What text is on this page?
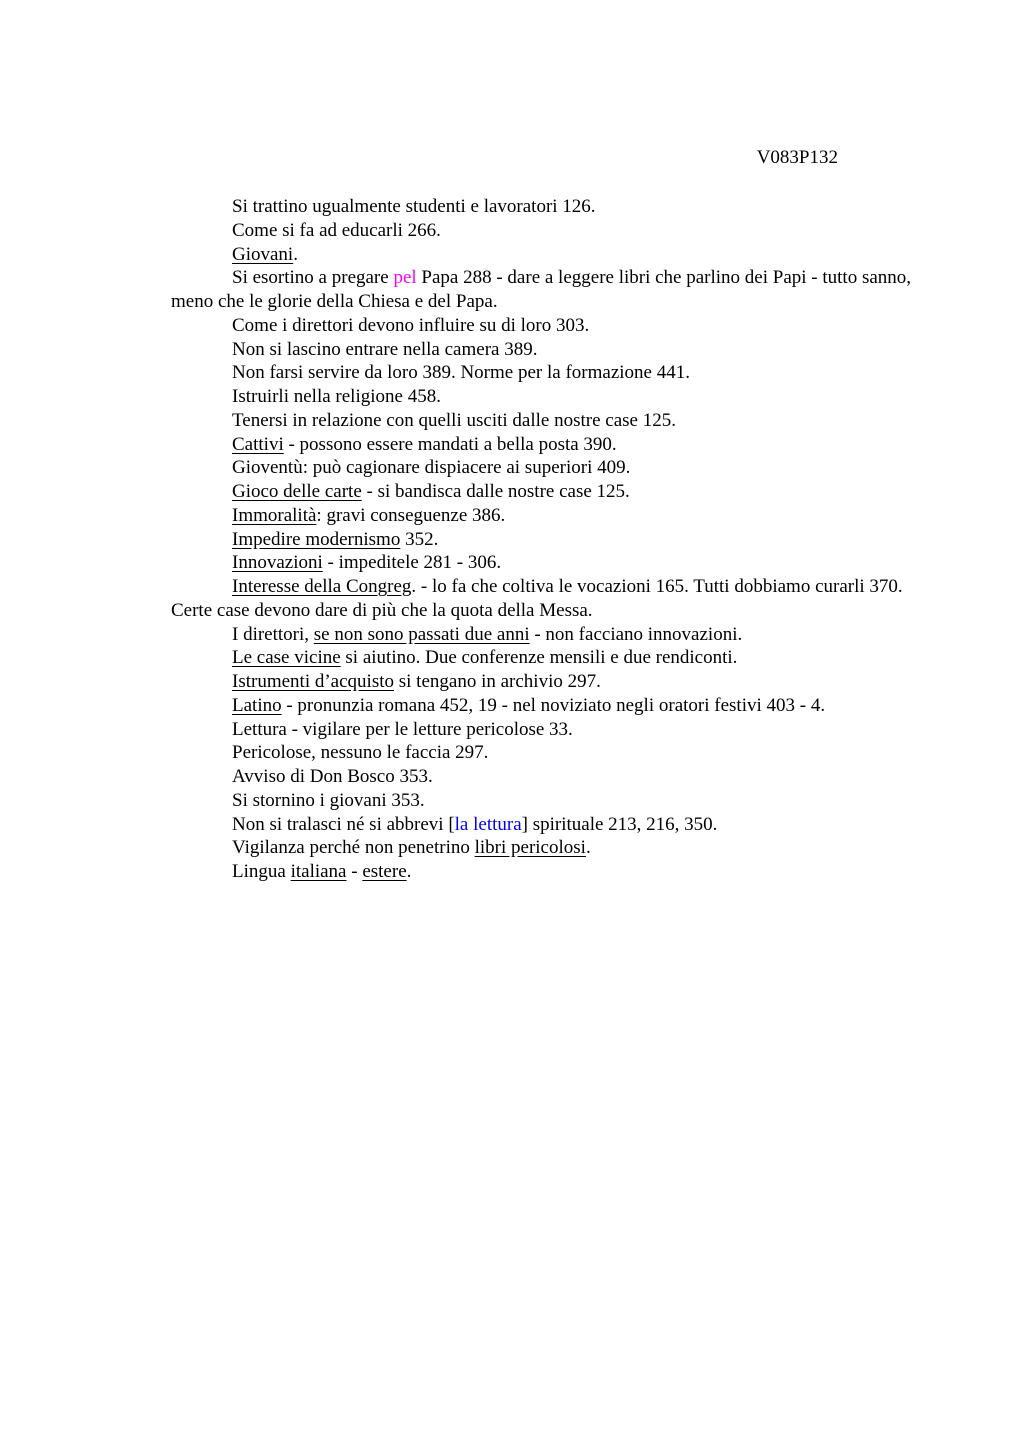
V083P132

Si trattino ugualmente studenti e lavoratori 126.

Come si fa ad educarli 266.

Giovani.

Si esortino a pregare pel Papa 288 - dare a leggere libri che parlino dei Papi - tutto sanno, meno che le glorie della Chiesa e del Papa.

Come i direttori devono influire su di loro 303.

Non si lascino entrare nella camera 389.

Non farsi servire da loro 389. Norme per la formazione 441.

Istruirli nella religione 458.

Tenersi in relazione con quelli usciti dalle nostre case 125.

Cattivi - possono essere mandati a bella posta 390.

Gioventù: può cagionare dispiacere ai superiori 409.

Gioco delle carte - si bandisca dalle nostre case 125.

Immoralità: gravi conseguenze 386.

Impedire modernismo 352.

Innovazioni - impeditele 281 - 306.

Interesse della Congreg. - lo fa che coltiva le vocazioni 165. Tutti dobbiamo curarli 370. Certe case devono dare di più che la quota della Messa.

I direttori, se non sono passati due anni - non facciano innovazioni.

Le case vicine si aiutino. Due conferenze mensili e due rendiconti.

Istrumenti d’acquisto si tengano in archivio 297.

Latino - pronunzia romana 452, 19 - nel noviziato negli oratori festivi 403 - 4.

Lettura - vigilare per le letture pericolose 33.

Pericolose, nessuno le faccia 297.

Avviso di Don Bosco 353.

Si stornino i giovani 353.

Non si tralasci né si abbrevi [la lettura] spirituale 213, 216, 350.

Vigilanza perché non penetrino libri pericolosi.

Lingua italiana - estere.
